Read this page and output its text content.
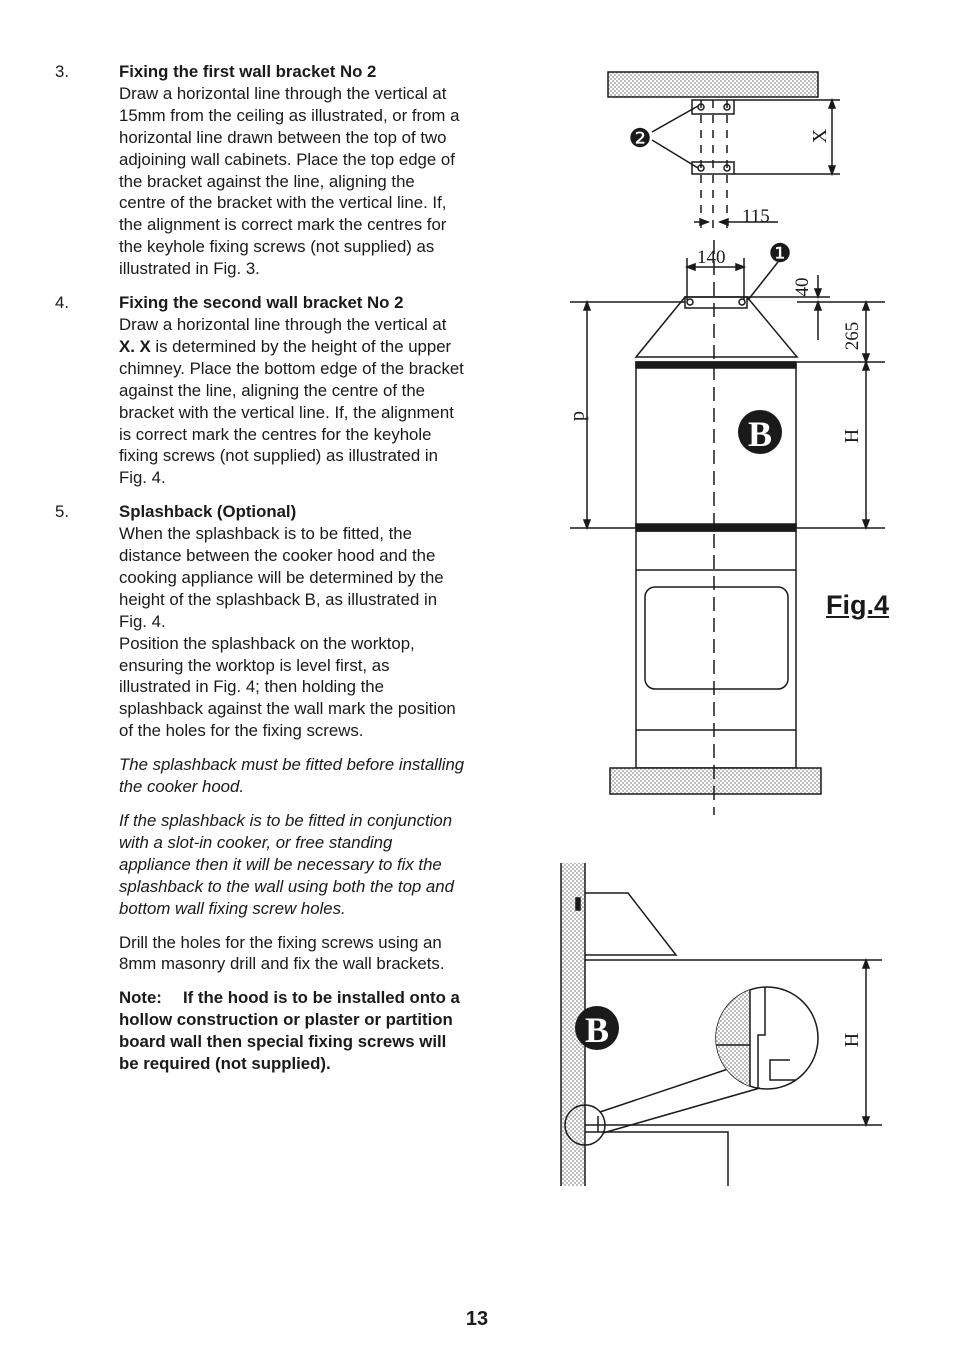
3.	Fixing the first wall bracket No 2
Draw a horizontal line through the vertical at 15mm from the ceiling as illustrated, or from a horizontal line drawn between the top of two adjoining wall cabinets. Place the top edge of the bracket against the line, aligning the centre of the bracket with the vertical line. If, the alignment is correct mark the centres for the keyhole fixing screws (not supplied) as illustrated in Fig. 3.
4.	Fixing the second wall bracket No 2
Draw a horizontal line through the vertical at X. X is determined by the height of the upper chimney. Place the bottom edge of the bracket against the line, aligning the centre of the bracket with the vertical line. If, the alignment is correct mark the centres for the keyhole fixing screws (not supplied) as illustrated in Fig. 4.
5.	Splashback (Optional)
When the splashback is to be fitted, the distance between the cooker hood and the cooking appliance will be determined by the height of the splashback B, as illustrated in Fig. 4.
Position the splashback on the worktop, ensuring the worktop is level first, as illustrated in Fig. 4; then holding the splashback against the wall mark the position of the holes for the fixing screws.
The splashback must be fitted before installing the cooker hood.
If the splashback is to be fitted in conjunction with a slot-in cooker, or free standing appliance then it will be necessary to fix the splashback to the wall using both the top and bottom wall fixing screw holes.
Drill the holes for the fixing screws using an 8mm masonry drill and fix the wall brackets.
Note: If the hood is to be installed onto a hollow construction or plaster or partition board wall then special fixing screws will be required (not supplied).
B
❷
❶
X
115
140
40
265
d
H
B	H
Fig.4
13
